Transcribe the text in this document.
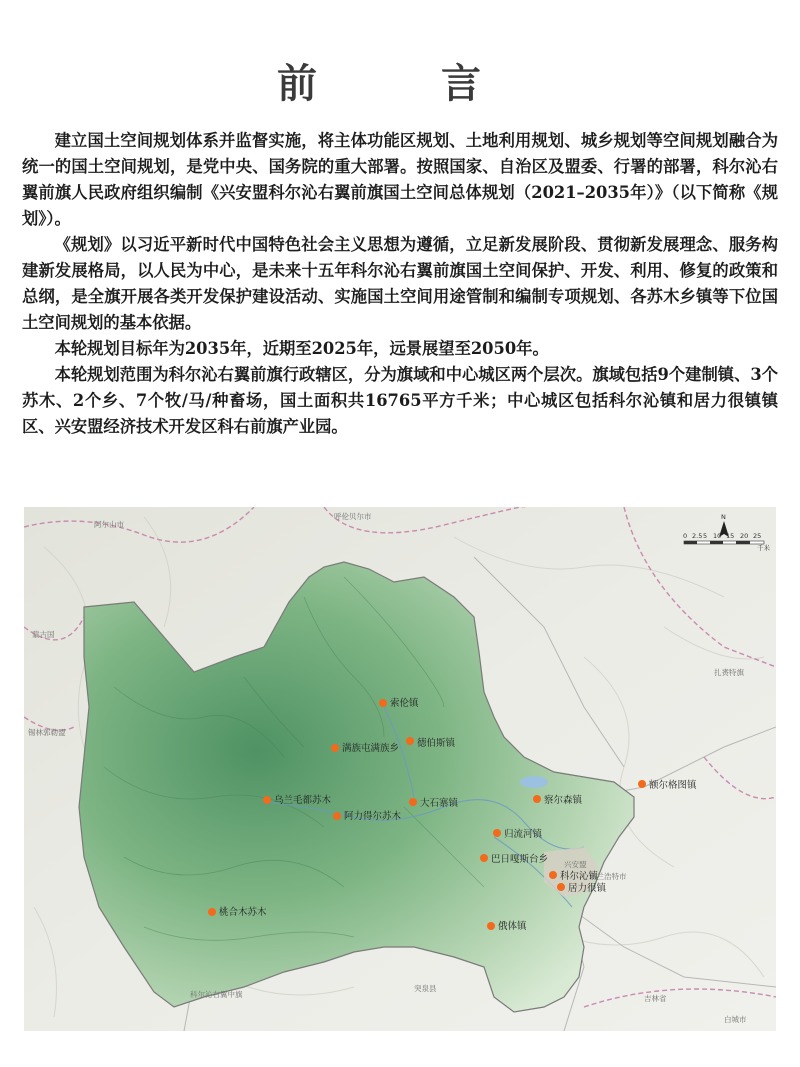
前　言

建立国土空间规划体系并监督实施，将主体功能区规划、土地利用规划、城乡规划等空间规划融合为统一的国土空间规划，是党中央、国务院的重大部署。按照国家、自治区及盟委、行署的部署，科尔沁右翼前旗人民政府组织编制《兴安盟科尔沁右翼前旗国土空间总体规划（2021–2035年）》（以下简称《规划》）。

《规划》以习近平新时代中国特色社会主义思想为遵循，立足新发展阶段、贯彻新发展理念、服务构建新发展格局，以人民为中心，是未来十五年科尔沁右翼前旗国土空间保护、开发、利用、修复的政策和总纲，是全旗开展各类开发保护建设活动、实施国土空间用途管制和编制专项规划、各苏木乡镇等下位国土空间规划的基本依据。

本轮规划目标年为2035年，近期至2025年，远景展望至2050年。

本轮规划范围为科尔沁右翼前旗行政辖区，分为旗域和中心城区两个层次。旗域包括9个建制镇、3个苏木、2个乡、7个牧/马/种畜场，国土面积共16765平方千米；中心城区包括科尔沁镇和居力很镇镇区、兴安盟经济技术开发区科右前旗产业园。

阿尔山市
呼伦贝尔市
蒙古国
锡林郭勒盟
扎赉特旗
兴安盟
乌兰浩特市
科尔沁右翼中旗
突泉县
吉林省
白城市
N
0 2.5 5 10 15 20 25
千米
索伦镇
德伯斯镇
满族屯满族乡
额尔格图镇
察尔森镇
乌兰毛都苏木	大石寨镇
阿力得尔苏木
归流河镇
巴日嘎斯台乡
科尔沁镇
居力很镇
桃合木苏木
俄体镇
